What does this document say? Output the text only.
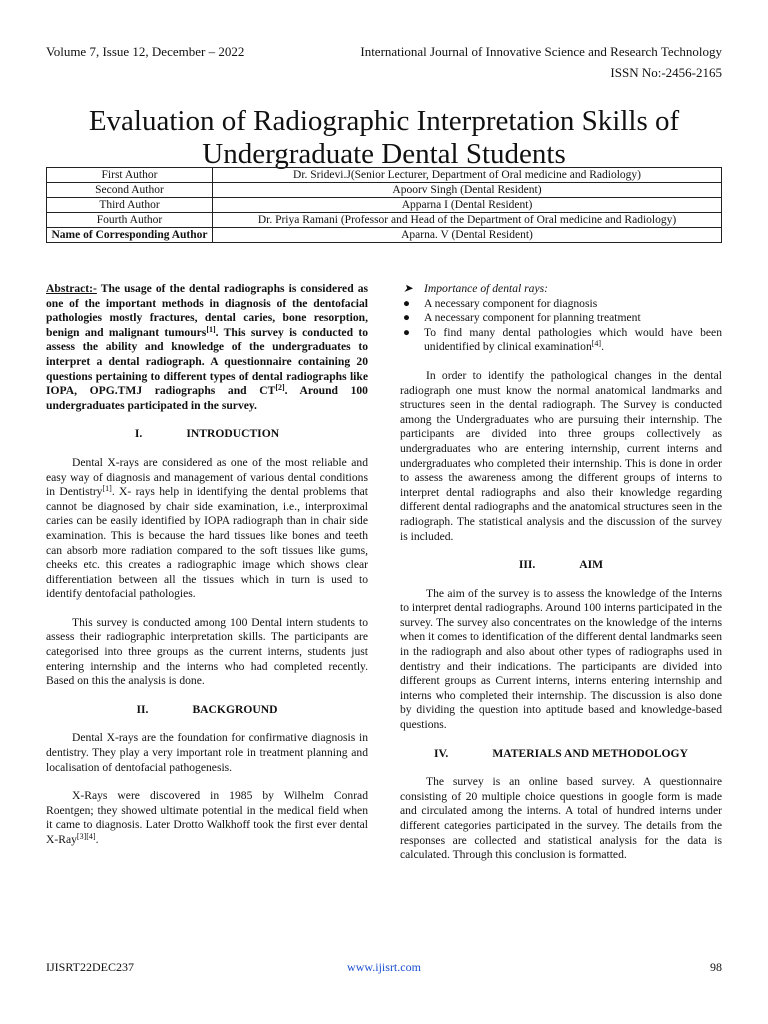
Volume 7, Issue 12, December – 2022	International Journal of Innovative Science and Research Technology
ISSN No:-2456-2165
Evaluation of Radiographic Interpretation Skills of Undergraduate Dental Students
First Author	Dr. Sridevi.J(Senior Lecturer, Department of Oral medicine and Radiology)
Second Author	Apoorv Singh (Dental Resident)
Third Author	Apparna I (Dental Resident)
Fourth Author	Dr. Priya Ramani (Professor and Head of the Department of Oral medicine and Radiology)
Name of Corresponding Author	Aparna. V (Dental Resident)

Abstract:- The usage of the dental radiographs is considered as one of the important methods in diagnosis of the dentofacial pathologies mostly fractures, dental caries, bone resorption, benign and malignant tumours[1]. This survey is conducted to assess the ability and knowledge of the undergraduates to interpret a dental radiograph. A questionnaire containing 20 questions pertaining to different types of dental radiographs like IOPA, OPG.TMJ radiographs and CT[2]. Around 100 undergraduates participated in the survey.

I.	INTRODUCTION

Dental X-rays are considered as one of the most reliable and easy way of diagnosis and management of various dental conditions in Dentistry[1]. X- rays help in identifying the dental problems that cannot be diagnosed by chair side examination, i.e., interproximal caries can be easily identified by IOPA radiograph than in chair side examination. This is because the hard tissues like bones and teeth can absorb more radiation compared to the soft tissues like gums, cheeks etc. this creates a radiographic image which shows clear differentiation between all the tissues which in turn is used to identify dentofacial pathologies.

This survey is conducted among 100 Dental intern students to assess their radiographic interpretation skills. The participants are categorised into three groups as the current interns, students just entering internship and the interns who had completed recently. Based on this the analysis is done.

II.	BACKGROUND

Dental X-rays are the foundation for confirmative diagnosis in dentistry. They play a very important role in treatment planning and localisation of dentofacial pathogenesis.

X-Rays were discovered in 1985 by Wilhelm Conrad Roentgen; they showed ultimate potential in the medical field when it came to diagnosis. Later Drotto Walkhoff took the first ever dental X-Ray[3][4].

➤ Importance of dental rays:
● A necessary component for diagnosis
● A necessary component for planning treatment
● To find many dental pathologies which would have been unidentified by clinical examination[4].

In order to identify the pathological changes in the dental radiograph one must know the normal anatomical landmarks and structures seen in the dental radiograph. The Survey is conducted among the Undergraduates who are pursuing their internship. The participants are divided into three groups collectively as undergraduates who are entering internship, current interns and undergraduates who completed their internship. This is done in order to assess the awareness among the different groups of interns to interpret dental radiographs and also their knowledge regarding different dental radiographs and the anatomical structures seen in the radiograph. The statistical analysis and the discussion of the survey is included.

III.	AIM

The aim of the survey is to assess the knowledge of the Interns to interpret dental radiographs. Around 100 interns participated in the survey. The survey also concentrates on the knowledge of the interns when it comes to identification of the different dental landmarks seen in the radiograph and also about other types of radiographs used in dentistry and their indications. The participants are divided into different groups as Current interns, interns entering internship and interns who completed their internship. The discussion is also done by dividing the question into aptitude based and knowledge-based questions.

IV.	MATERIALS AND METHODOLOGY

The survey is an online based survey. A questionnaire consisting of 20 multiple choice questions in google form is made and circulated among the interns. A total of hundred interns under different categories participated in the survey. The details from the responses are collected and statistical analysis for the data is calculated. Through this conclusion is formatted.

IJISRT22DEC237	www.ijisrt.com	98
